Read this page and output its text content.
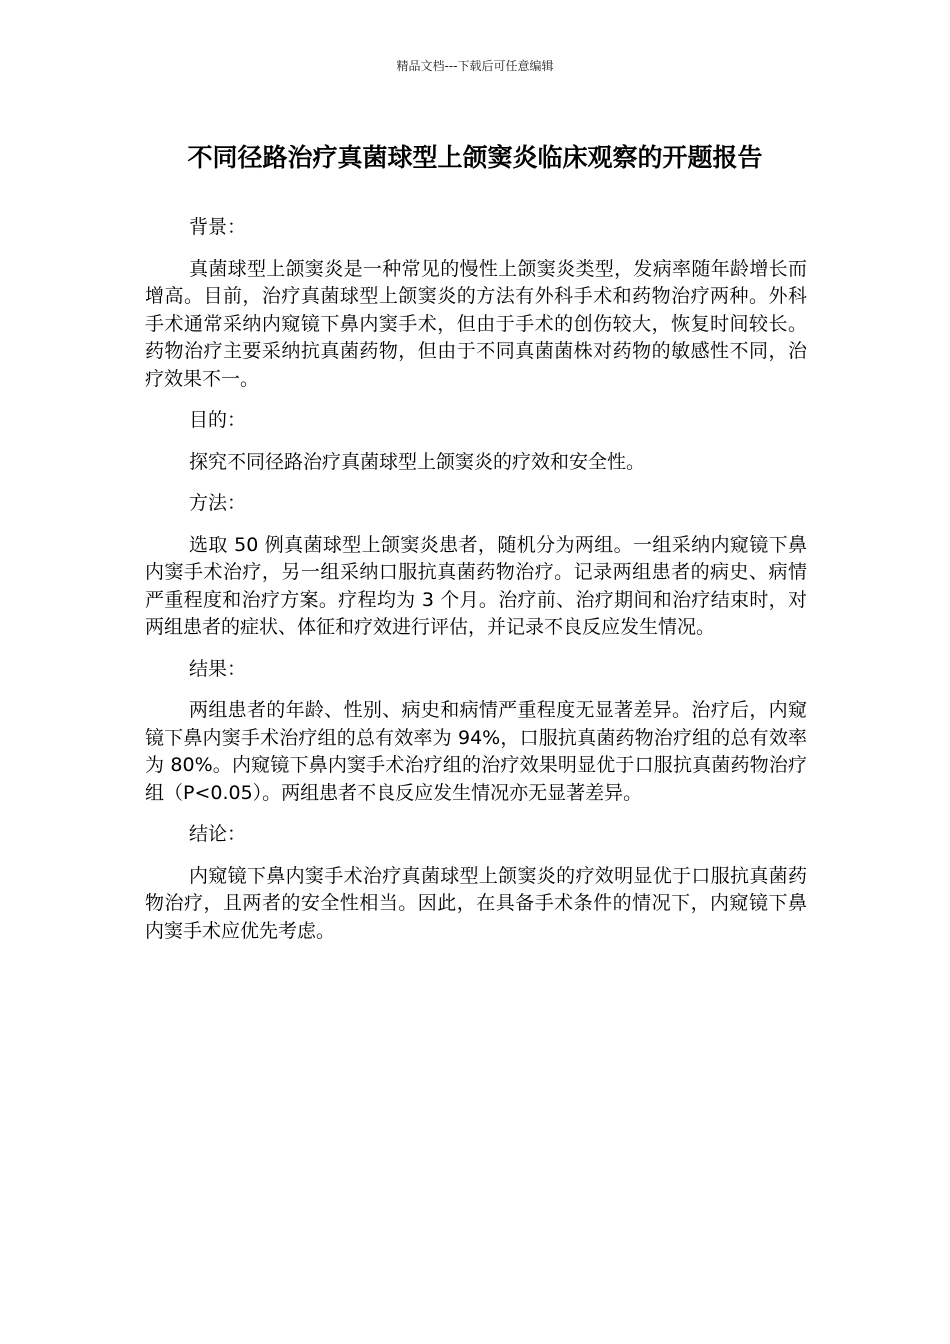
精品文档---下载后可任意编辑
不同径路治疗真菌球型上颌窦炎临床观察的开题报告

背景：

真菌球型上颌窦炎是一种常见的慢性上颌窦炎类型，发病率随年龄增长而增高。目前，治疗真菌球型上颌窦炎的方法有外科手术和药物治疗两种。外科手术通常采纳内窥镜下鼻内窦手术，但由于手术的创伤较大，恢复时间较长。药物治疗主要采纳抗真菌药物，但由于不同真菌菌株对药物的敏感性不同，治疗效果不一。

目的：

探究不同径路治疗真菌球型上颌窦炎的疗效和安全性。

方法：

选取 50 例真菌球型上颌窦炎患者，随机分为两组。一组采纳内窥镜下鼻内窦手术治疗，另一组采纳口服抗真菌药物治疗。记录两组患者的病史、病情严重程度和治疗方案。疗程均为 3 个月。治疗前、治疗期间和治疗结束时，对两组患者的症状、体征和疗效进行评估，并记录不良反应发生情况。

结果：

两组患者的年龄、性别、病史和病情严重程度无显著差异。治疗后，内窥镜下鼻内窦手术治疗组的总有效率为 94%，口服抗真菌药物治疗组的总有效率为 80%。内窥镜下鼻内窦手术治疗组的治疗效果明显优于口服抗真菌药物治疗组（P<0.05）。两组患者不良反应发生情况亦无显著差异。

结论：

内窥镜下鼻内窦手术治疗真菌球型上颌窦炎的疗效明显优于口服抗真菌药物治疗，且两者的安全性相当。因此，在具备手术条件的情况下，内窥镜下鼻内窦手术应优先考虑。
